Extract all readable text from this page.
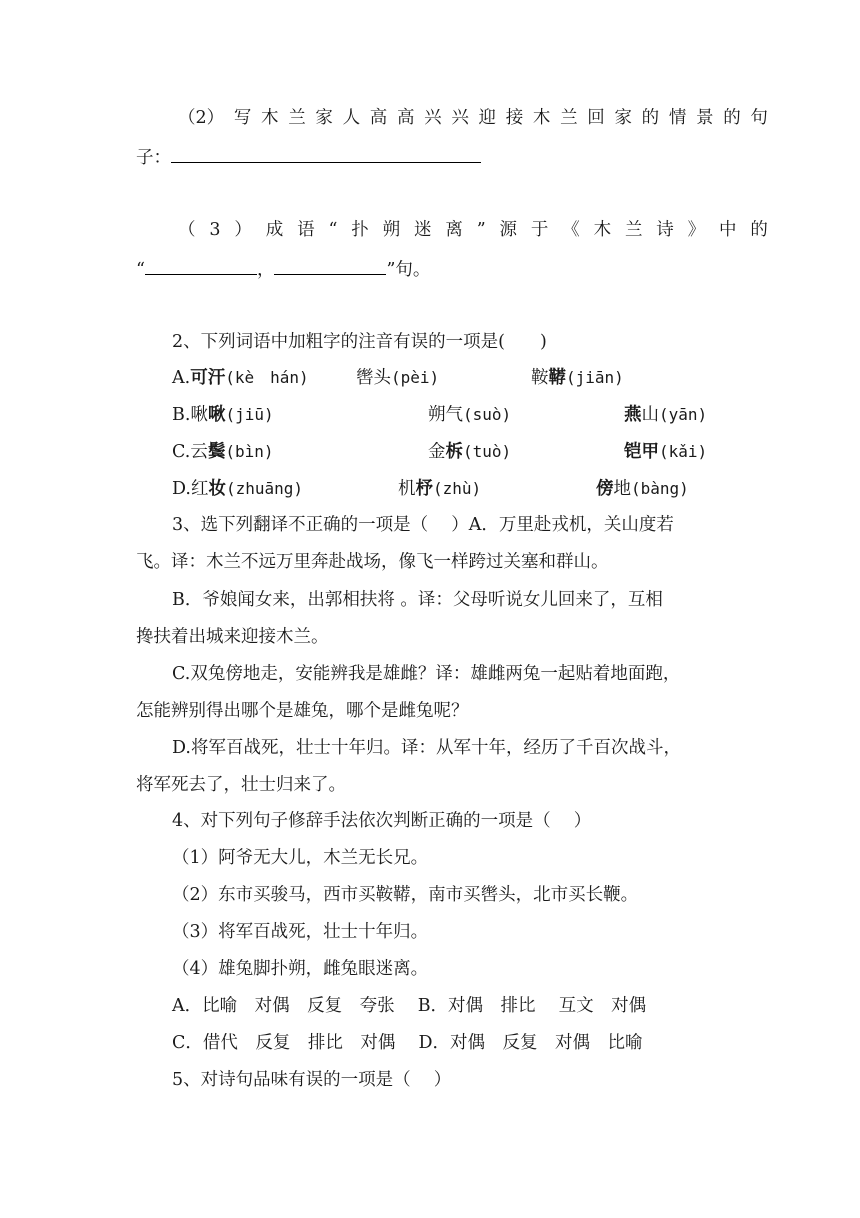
（2） 写 木 兰 家 人 高 高 兴 兴 迎 接 木 兰 回 家 的 情 景 的 句
子：
（ 3 ） 成 语 “ 扑 朔 迷 离 ” 源 于 《 木 兰 诗 》 中 的
“	，	”句。
2、下列词语中加粗字的注音有误的一项是(　　)
A.可汗(kè　hán)	辔头(pèi)	鞍鞯(jiān)
B.啾啾(jiū)	朔气(suò)	燕山(yān)
C.云鬓(bìn)	金柝(tuò)	铠甲(kǎi)
D.红妆(zhuāng)	机杼(zhù)	傍地(bàng)
3、选下列翻译不正确的一项是（　 ）A．万里赴戎机，关山度若
飞。译：木兰不远万里奔赴战场，像飞一样跨过关塞和群山。
B．爷娘闻女来，出郭相扶将 。译：父母听说女儿回来了，互相
搀扶着出城来迎接木兰。
C.双兔傍地走，安能辨我是雄雌？译：雄雌两兔一起贴着地面跑，
怎能辨别得出哪个是雄兔，哪个是雌兔呢？
D.将军百战死，壮士十年归。译：从军十年，经历了千百次战斗，
将军死去了，壮士归来了。
4、对下列句子修辞手法依次判断正确的一项是（　 ）
（1）阿爷无大儿，木兰无长兄。
（2）东市买骏马，西市买鞍鞯，南市买辔头，北市买长鞭。
（3）将军百战死，壮士十年归。
（4）雄兔脚扑朔，雌兔眼迷离。
A．比喻　对偶　反复　夸张　 B．对偶　排比　 互文　对偶
C．借代　反复　排比　对偶　 D．对偶　反复　对偶　比喻
5、对诗句品味有误的一项是（　 ）
